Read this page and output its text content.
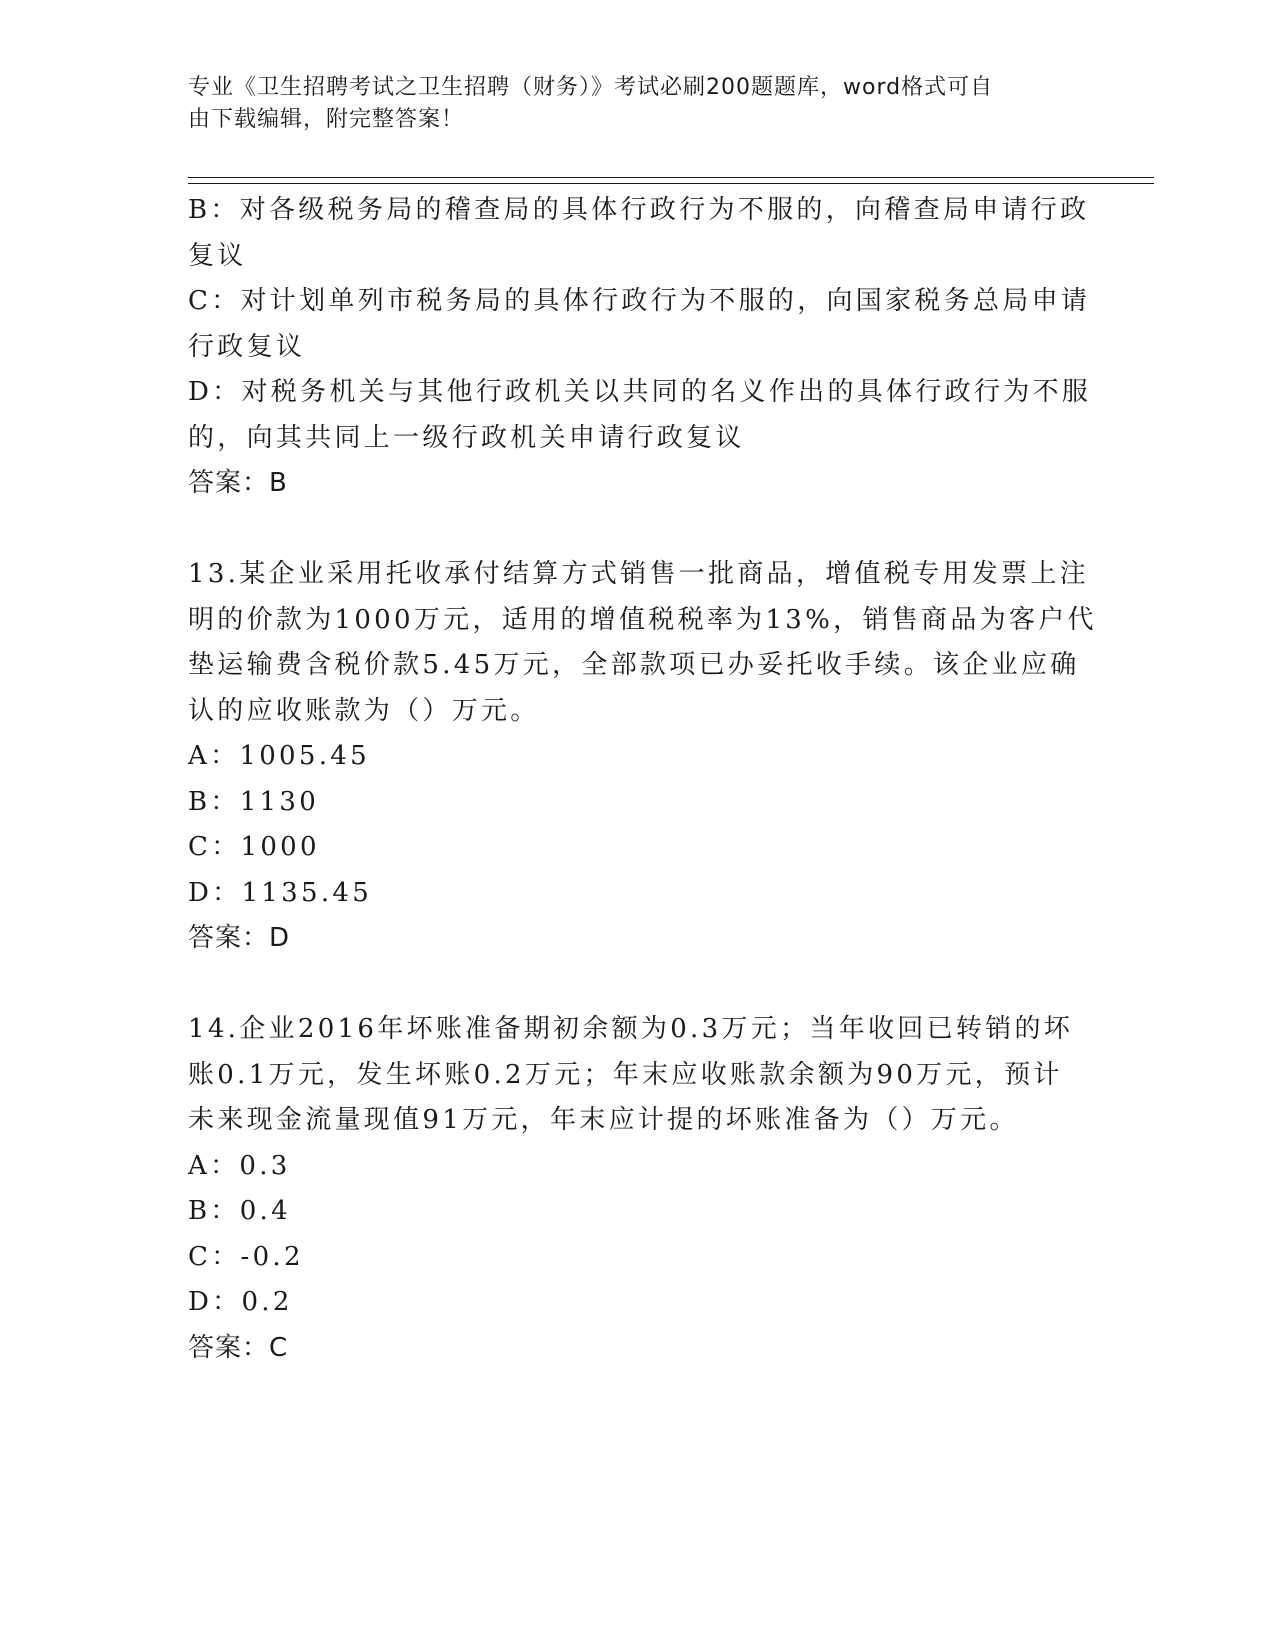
专业《卫生招聘考试之卫生招聘（财务）》考试必刷200题题库，word格式可自
由下载编辑，附完整答案！
B：对各级税务局的稽查局的具体行政行为不服的，向稽查局申请行政
复议
C：对计划单列市税务局的具体行政行为不服的，向国家税务总局申请
行政复议
D：对税务机关与其他行政机关以共同的名义作出的具体行政行为不服
的，向其共同上一级行政机关申请行政复议
答案：B
13.某企业采用托收承付结算方式销售一批商品，增值税专用发票上注
明的价款为1000万元，适用的增值税税率为13%，销售商品为客户代
垫运输费含税价款5.45万元，全部款项已办妥托收手续。该企业应确
认的应收账款为（）万元。
A：1005.45
B：1130
C：1000
D：1135.45
答案：D
14.企业2016年坏账准备期初余额为0.3万元；当年收回已转销的坏
账0.1万元，发生坏账0.2万元；年末应收账款余额为90万元，预计
未来现金流量现值91万元，年末应计提的坏账准备为（）万元。
A：0.3
B：0.4
C：-0.2
D：0.2
答案：C
